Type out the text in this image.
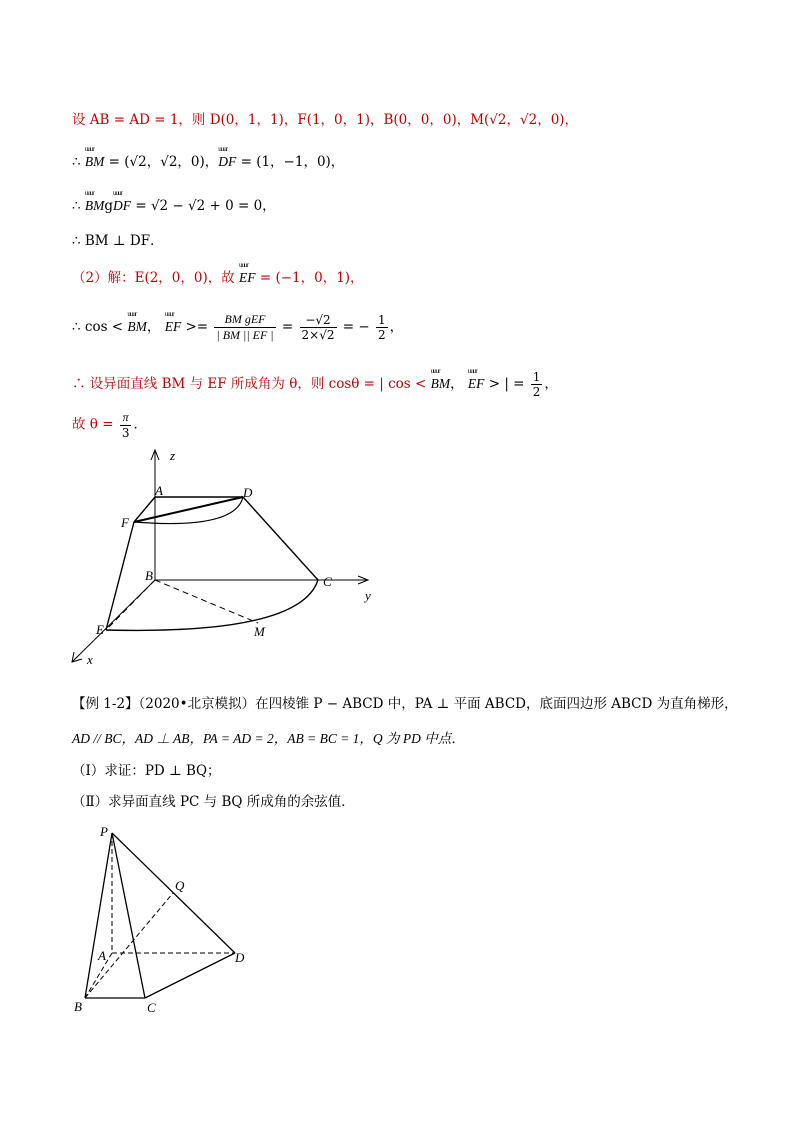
设 AB = AD = 1，则 D(0，1，1)，F(1，0，1)，B(0，0，0)，M(√2，√2，0)，
∴ uuur BM = (√2，√2，0)，uuur DF = (1，−1，0)，
∴ uuur BMguuur DF = √2 − √2 + 0 = 0，
∴ BM ⊥ DF．
（2）解：E(2，0，0)，故 uuur EF = (−1，0，1)，
∴ cos < uuur BM， uuur EF >= $\frac{\text{BM gEF}}{| BM || EF |} = \frac{-√2}{2\times√2}$ = − $\frac{1}{2}$ ，
∴ 设异面直线 BM 与 EF 所成角为 θ，则 cosθ = | cos < uuur BM， uuur EF > | = $\frac{1}{2}$ ，
故 $\theta = \frac{\pi}{3}$ ．
z
A	D
F
B	C
y
E	M
x
【例 1-2】（2020•北京模拟）在四棱锥 P − ABCD 中，PA ⊥ 平面 ABCD，底面四边形 ABCD 为直角梯形，
AD // BC，AD ⊥ AB，PA = AD = 2，AB = BC = 1，Q 为 PD 中点．
（Ⅰ）求证：PD ⊥ BQ；
（Ⅱ）求异面直线 PC 与 BQ 所成角的余弦值．
P
Q
A	D
B	C
